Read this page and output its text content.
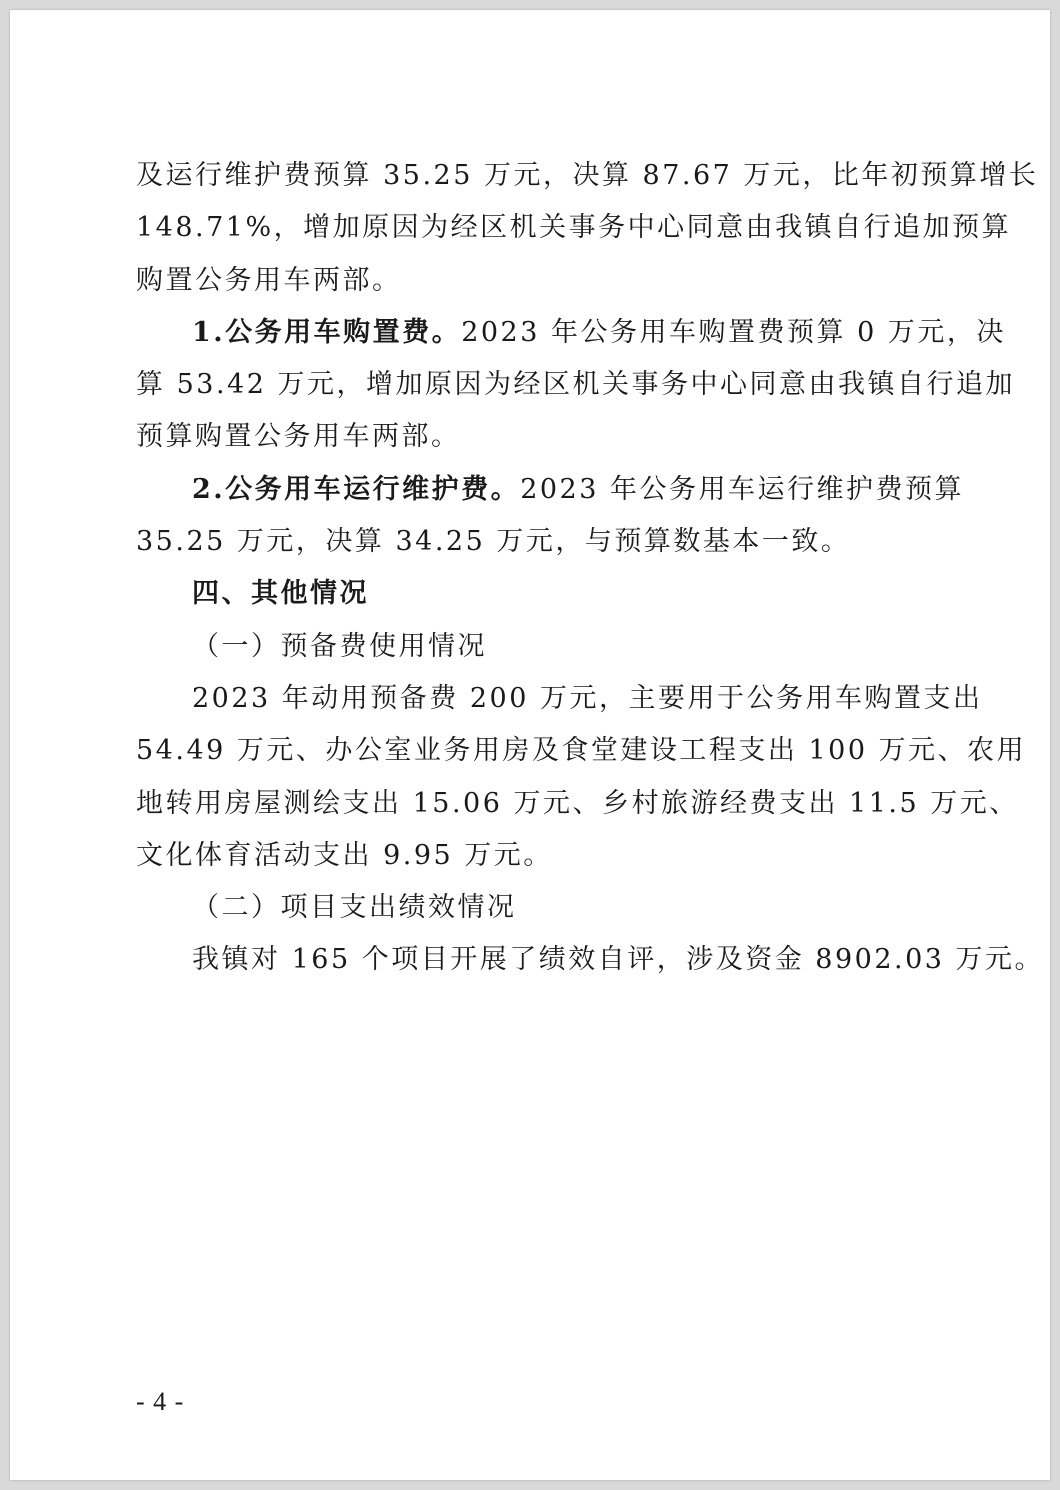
及运行维护费预算 35.25 万元，决算 87.67 万元，比年初预算增长
148.71%，增加原因为经区机关事务中心同意由我镇自行追加预算
购置公务用车两部。
1.公务用车购置费。2023 年公务用车购置费预算 0 万元，决
算 53.42 万元，增加原因为经区机关事务中心同意由我镇自行追加
预算购置公务用车两部。
2.公务用车运行维护费。2023 年公务用车运行维护费预算
35.25 万元，决算 34.25 万元，与预算数基本一致。
四、其他情况
（一）预备费使用情况
2023 年动用预备费 200 万元，主要用于公务用车购置支出
54.49 万元、办公室业务用房及食堂建设工程支出 100 万元、农用
地转用房屋测绘支出 15.06 万元、乡村旅游经费支出 11.5 万元、
文化体育活动支出 9.95 万元。
（二）项目支出绩效情况
我镇对 165 个项目开展了绩效自评，涉及资金 8902.03 万元。
- 4 -
